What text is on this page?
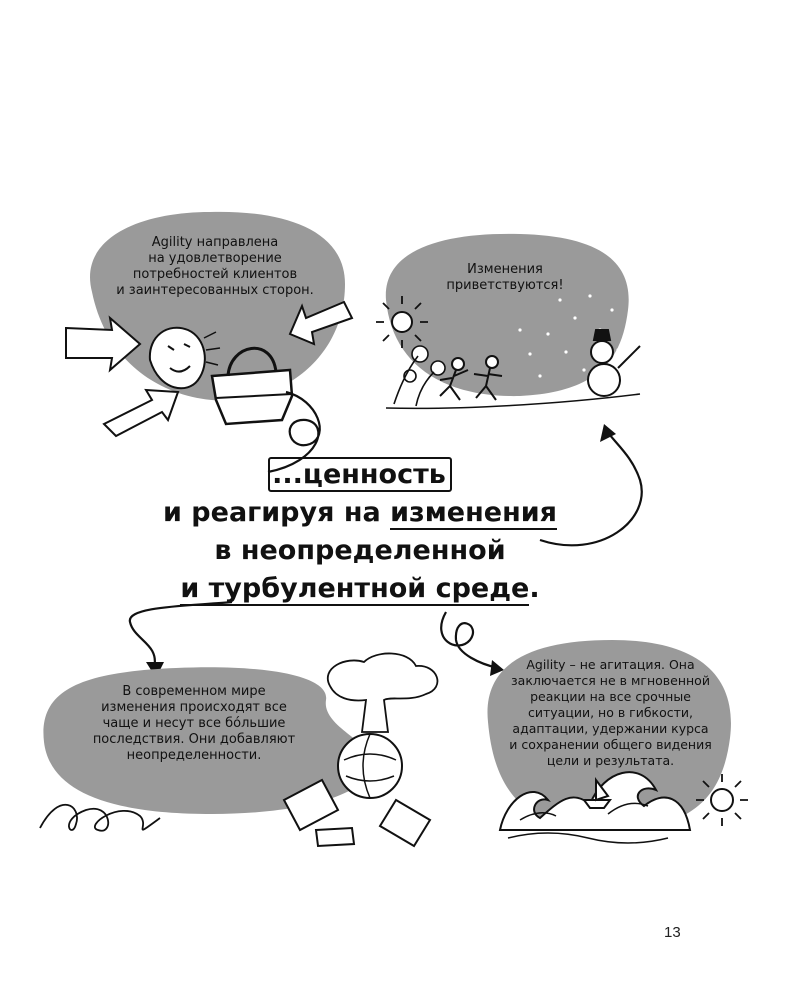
Agility направлена
на удовлетворение
потребностей клиентов
и заинтересованных сторон.

Изменения
приветствуются!

В современном мире
изменения происходят все
чаще и несут все бóльшие
последствия. Они добавляют
неопределенности.

Agility – не агитация. Она
заключается не в мгновенной
реакции на все срочные
ситуации, но в гибкости,
адаптации, удержании курса
и сохранении общего видения
цели и результата.

...ценность
и реагируя на изменения
в неопределенной
и турбулентной среде.
13
